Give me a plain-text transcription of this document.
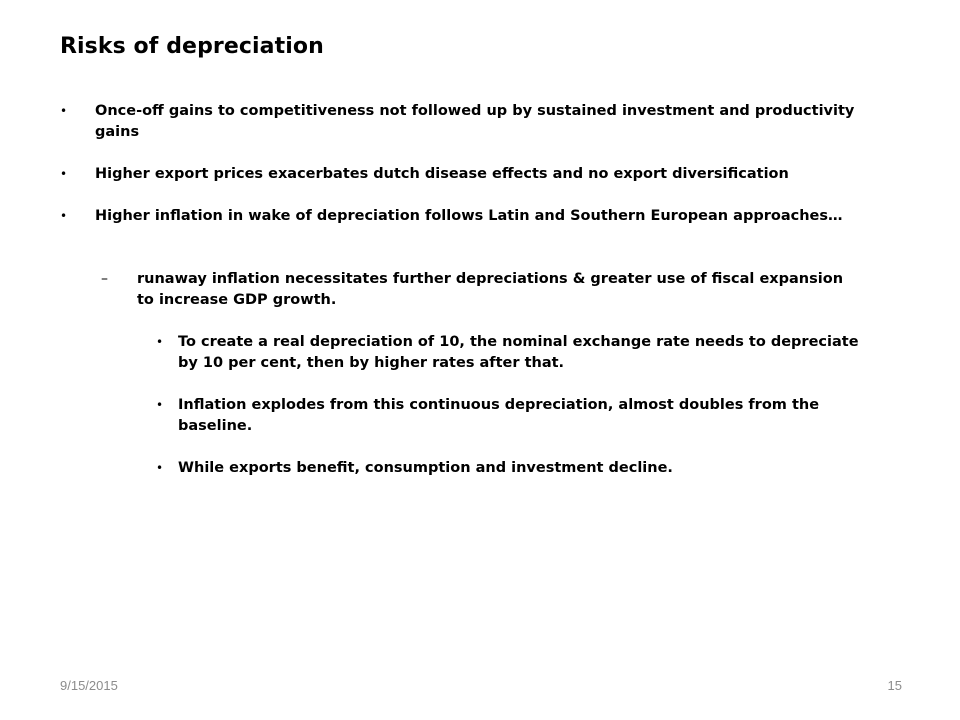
Risks of depreciation
• Once-off gains to competitiveness not followed up by sustained investment and productivity gains
• Higher export prices exacerbates dutch disease effects and no export diversification
• Higher inflation in wake of depreciation follows Latin and Southern European approaches…
– runaway inflation necessitates further depreciations & greater use of fiscal expansion to increase GDP growth.
• To create a real depreciation of 10, the nominal exchange rate needs to depreciate by 10 per cent, then by higher rates after that.
• Inflation explodes from this continuous depreciation, almost doubles from the baseline.
• While exports benefit, consumption and investment decline.
9/15/2015	15
